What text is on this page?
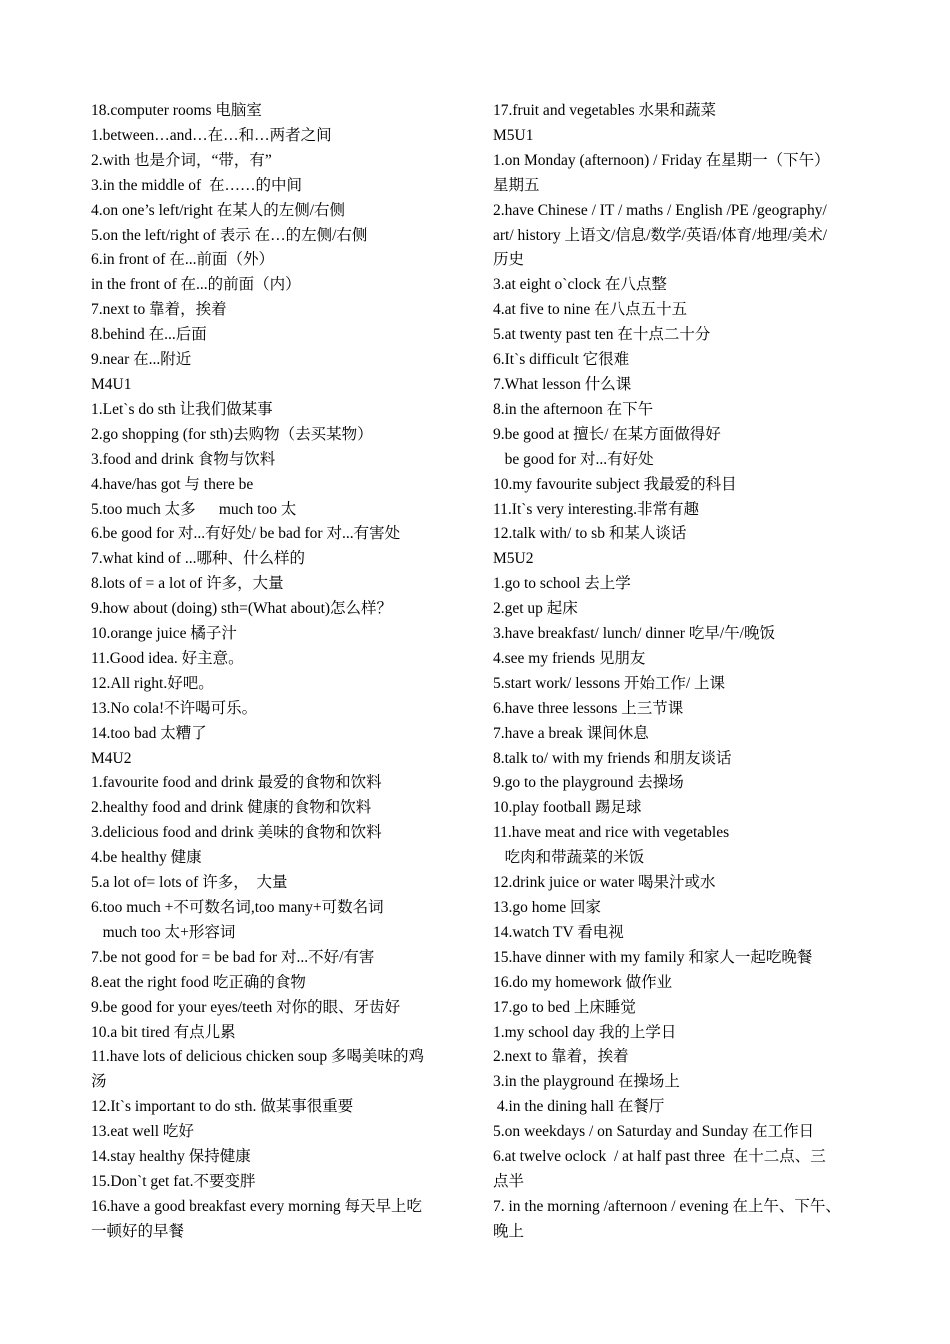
18.computer rooms 电脑室
1.between…and…在…和…两者之间
2.with 也是介词，“带，有”
3.in the middle of  在……的中间
4.on one’s left/right 在某人的左侧/右侧
5.on the left/right of 表示 在…的左侧/右侧
6.in front of 在...前面（外）
in the front of 在...的前面（内）
7.next to 靠着，挨着
8.behind 在...后面
9.near 在...附近
M4U1
1.Let`s do sth 让我们做某事
2.go shopping (for sth)去购物（去买某物）
3.food and drink 食物与饮料
4.have/has got 与 there be
5.too much 太多      much too 太
6.be good for 对...有好处/ be bad for 对...有害处
7.what kind of ...哪种、什么样的
8.lots of = a lot of 许多，大量
9.how about (doing) sth=(What about)怎么样？
10.orange juice 橘子汁
11.Good idea. 好主意。
12.All right.好吧。
13.No cola!不许喝可乐。
14.too bad 太糟了
M4U2
1.favourite food and drink 最爱的食物和饮料
2.healthy food and drink 健康的食物和饮料
3.delicious food and drink 美味的食物和饮料
4.be healthy 健康
5.a lot of= lots of 许多，  大量
6.too much +不可数名词,too many+可数名词
much too 太+形容词
7.be not good for = be bad for 对...不好/有害
8.eat the right food 吃正确的食物
9.be good for your eyes/teeth 对你的眼、牙齿好
10.a bit tired 有点儿累
11.have lots of delicious chicken soup 多喝美味的鸡
汤
12.It`s important to do sth. 做某事很重要
13.eat well 吃好
14.stay healthy 保持健康
15.Don`t get fat.不要变胖
16.have a good breakfast every morning 每天早上吃
一顿好的早餐
17.fruit and vegetables 水果和蔬菜
M5U1
1.on Monday (afternoon) / Friday 在星期一（下午）
星期五
2.have Chinese / IT / maths / English /PE /geography/
art/ history 上语文/信息/数学/英语/体育/地理/美术/
历史
3.at eight o`clock 在八点整
4.at five to nine 在八点五十五
5.at twenty past ten 在十点二十分
6.It`s difficult 它很难
7.What lesson 什么课
8.in the afternoon 在下午
9.be good at 擅长/ 在某方面做得好
be good for 对...有好处
10.my favourite subject 我最爱的科目
11.It`s very interesting.非常有趣
12.talk with/ to sb 和某人谈话
M5U2
1.go to school 去上学
2.get up 起床
3.have breakfast/ lunch/ dinner 吃早/午/晚饭
4.see my friends 见朋友
5.start work/ lessons 开始工作/ 上课
6.have three lessons 上三节课
7.have a break 课间休息
8.talk to/ with my friends 和朋友谈话
9.go to the playground 去操场
10.play football 踢足球
11.have meat and rice with vegetables
吃肉和带蔬菜的米饭
12.drink juice or water 喝果汁或水
13.go home 回家
14.watch TV 看电视
15.have dinner with my family 和家人一起吃晚餐
16.do my homework 做作业
17.go to bed 上床睡觉
1.my school day 我的上学日
2.next to 靠着，挨着
3.in the playground 在操场上
4.in the dining hall 在餐厅
5.on weekdays / on Saturday and Sunday 在工作日
6.at twelve oclock  / at half past three  在十二点、三
点半
7. in the morning /afternoon / evening 在上午、下午、
晚上
